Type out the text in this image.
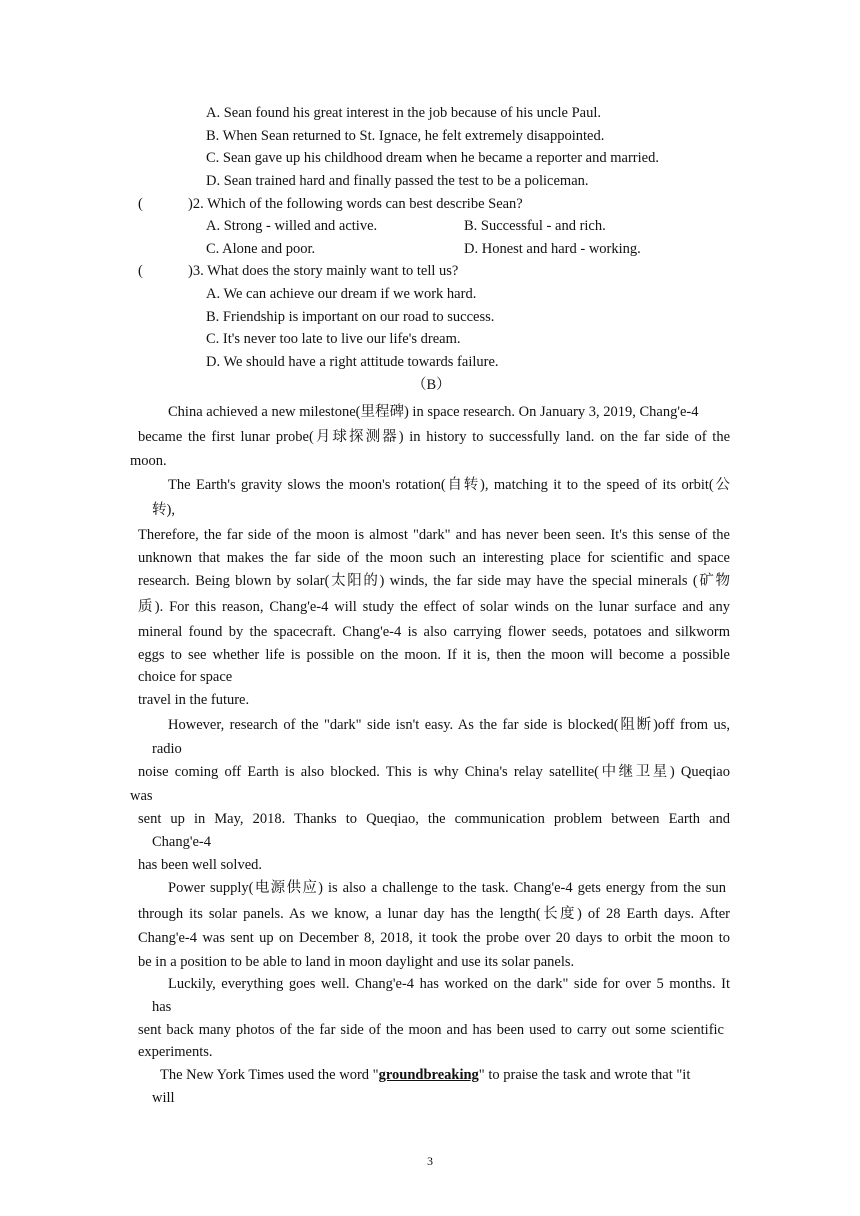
A. Sean found his great interest in the job because of his uncle Paul.
B. When Sean returned to St. Ignace, he felt extremely disappointed.
C. Sean gave up his childhood dream when he became a reporter and married.
D. Sean trained hard and finally passed the test to be a policeman.
(	)2. Which of the following words can best describe Sean?
A. Strong - willed and active.	B. Successful - and rich.
C. Alone and poor.	D. Honest and hard - working.
(	)3. What does the story mainly want to tell us?
A. We can achieve our dream if we work hard.
B. Friendship is important on our road to success.
C. It's never too late to live our life's dream.
D. We should have a right attitude towards failure.
（B）
China achieved a new milestone(里程碑) in space research. On January 3, 2019, Chang'e-4
became the first lunar probe(月球探测器) in history to successfully land. on the far side of the
moon.
The Earth's gravity slows the moon's rotation(自转), matching it to the speed of its orbit(公
转),
Therefore, the far side of the moon is almost "dark" and has never been seen. It's this sense of the
unknown that makes the far side of the moon such an interesting place for scientific and space
research. Being blown by solar(太阳的) winds, the far side may have the special minerals (矿物
质). For this reason, Chang'e-4 will study the effect of solar winds on the lunar surface and any
mineral found by the spacecraft. Chang'e-4 is also carrying flower seeds, potatoes and silkworm
eggs to see whether life is possible on the moon. If it is, then the moon will become a possible
choice for space
travel in the future.
However, research of the "dark" side isn't easy. As the far side is blocked(阻断)off from us,
radio
noise coming off Earth is also blocked. This is why China's relay satellite(中继卫星) Queqiao
was
sent up in May, 2018. Thanks to Queqiao, the communication problem between Earth and
Chang'e-4
has been well solved.
Power supply(电源供应) is also a challenge to the task. Chang'e-4 gets energy from the sun
through its solar panels. As we know, a lunar day has the length(长度) of 28 Earth days. After
Chang'e-4 was sent up on December 8, 2018, it took the probe over 20 days to orbit the moon to
be in a position to be able to land in moon daylight and use its solar panels.
Luckily, everything goes well. Chang'e-4 has worked on the dark" side for over 5 months. It
has
sent back many photos of the far side of the moon and has been used to carry out some scientific
experiments.
The New York Times used the word "groundbreaking" to praise the task and wrote that "it
will
3
